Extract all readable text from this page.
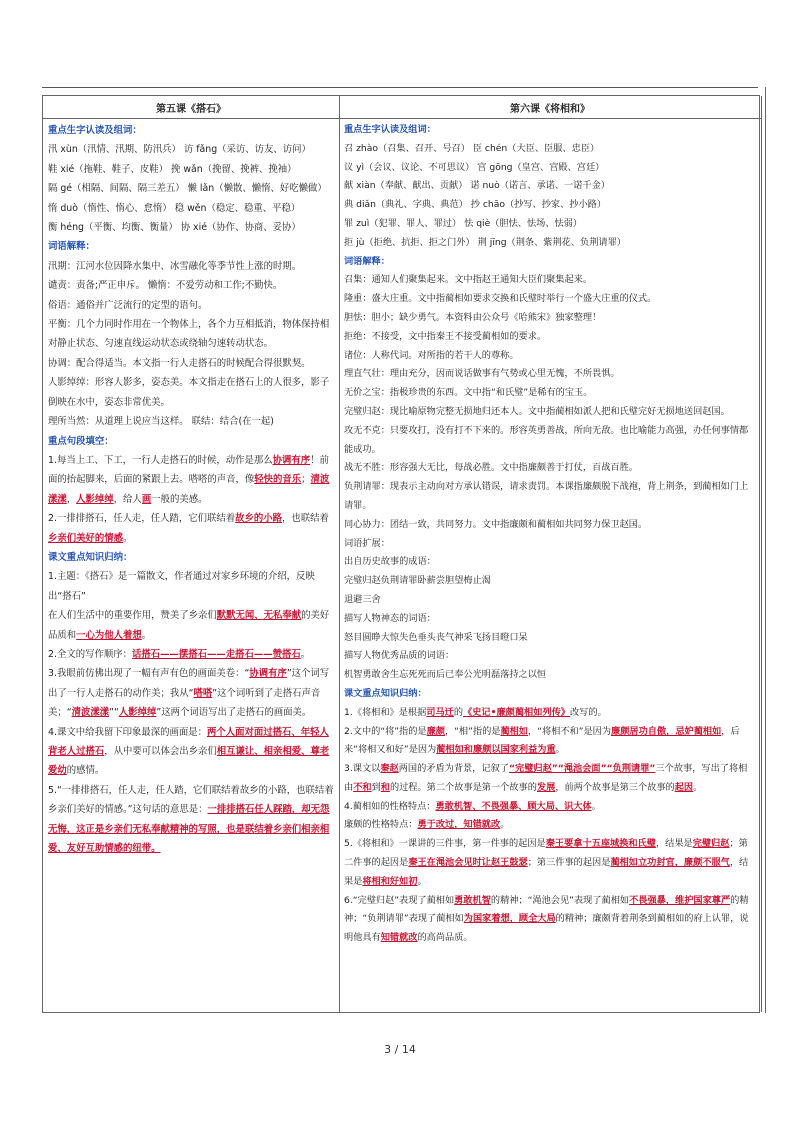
第五课《搭石》

重点生字认读及组词：

汛 xùn（汛情、汛期、防汛兵） 访 fǎng（采访、访友、访问）

鞋 xié（拖鞋、鞋子、皮鞋） 挽 wǎn（挽留、挽裤、挽袖）

隔 gé（相隔、间隔、隔三差五） 懒 lǎn（懒散、懒惰、好吃懒做）

惰 duò（惰性、惰心、怠惰） 稳 wěn（稳定、稳重、平稳）

衡 héng（平衡、均衡、衡量） 协 xié（协作、协商、妥协）

词语解释：

汛期：江河水位因降水集中、冰雪融化等季节性上涨的时期。

谴责：责备;严正申斥。 懒惰：不爱劳动和工作;不勤快。

俗语：通俗并广泛流行的定型的语句。

平衡：几个力同时作用在一个物体上，各个力互相抵消，物体保持相对静止状态、匀速直线运动状态或绕轴匀速转动状态。

协调：配合得适当。本文指一行人走搭石的时候配合得很默契。

人影绰绰：形容人影多，姿态美。本文指走在搭石上的人很多，影子倒映在水中，姿态非常优美。

理所当然：从道理上说应当这样。 联结：结合(在一起)

重点句段填空：

1.每当上工、下工，一行人走搭石的时候，动作是那么协调有序！前面的抬起脚来，后面的紧跟上去。嗒嗒的声音，像轻快的音乐；清波漾漾，人影绰绰，给人画一般的美感。

2.一排排搭石，任人走，任人踏，它们联结着故乡的小路，也联结着乡亲们美好的情感。

课文重点知识归纳：

1.主题：《搭石》是一篇散文，作者通过对家乡环境的介绍，反映出“搭石”

在人们生活中的重要作用，赞美了乡亲们默默无闻、无私奉献的美好品质和一心为他人着想。

2.全文的写作顺序：话搭石——摆搭石——走搭石——赞搭石。

3.我眼前仿佛出现了一幅有声有色的画面美卷：“协调有序”这个词写出了一行人走搭石的动作美；我从“嗒嗒”这个词听到了走搭石声音美；“清波漾漾”“人影绰绰”这两个词语写出了走搭石的画面美。

4.课文中给我留下印象最深的画面是：两个人面对面过搭石、年轻人背老人过搭石，从中要可以体会出乡亲们相互谦让、相亲相爱、尊老爱幼的感情。

5.“一排排搭石，任人走，任人踏，它们联结着故乡的小路，也联结着乡亲们美好的情感。”这句话的意思是：一排排搭石任人踩踏，却无怨无悔，这正是乡亲们无私奉献精神的写照，也是联结着乡亲们相亲相爱、友好互助情感的纽带。

第六课《将相和》

重点生字认读及组词：

召 zhào（召集、召开、号召） 臣 chén（大臣、臣服、忠臣）

议 yì（会议、议论、不可思议） 宫 gōng（皇宫、宫殿、宫廷）

献 xiàn（奉献、献出、贡献） 诺 nuò（诺言、承诺、一诺千金）

典 diǎn（典礼、字典、典范） 抄 chāo（抄写、抄家、抄小路）

罪 zuì（犯罪、罪人、罪过） 怯 qiè（胆怯、怯场、怯弱）

拒 jù（拒绝、抗拒、拒之门外） 荆 jīng（荆条、紫荆花、负荆请罪）

词语解释：

召集：通知人们聚集起来。文中指赵王通知大臣们聚集起来。

隆重：盛大庄重。文中指蔺相如要求交换和氏璧时举行一个盛大庄重的仪式。

胆怯：胆小；缺少勇气。本资料由公众号《哈熊宋》独家整理！

拒绝：不接受，文中指秦王不接受蔺相如的要求。

诸位：人称代词。对所指的若干人的尊称。

理直气壮：理由充分，因而说话做事有气势或心里无愧，不所畏惧。

无价之宝：指极珍贵的东西。文中指“和氏璧”是稀有的宝玉。

完璧归赵：现比喻原物完整无损地归还本人。文中指蔺相如派人把和氏璧完好无损地送回赵国。

攻无不克：只要攻打，没有打不下来的。形容英勇善战，所向无敌。也比喻能力高强，办任何事情都能成功。

战无不胜：形容强大无比，每战必胜。文中指廉颇善于打仗，百战百胜。

负荆请罪：现表示主动向对方承认错误，请求责罚。本课指廉颇脱下战袍，背上荆条，到蔺相如门上请罪。

同心协力：团结一致，共同努力。文中指廉颇和蔺相如共同努力保卫赵国。

词语扩展：

出自历史故事的成语：

完璧归赵负荆请罪卧薪尝胆望梅止渴

退避三舍

描写人物神态的词语：

怒目圆睁大惊失色垂头丧气神采飞扬目瞪口呆

描写人物优秀品质的词语：

机智勇敢舍生忘死死而后已奉公光明磊落持之以恒

课文重点知识归纳：

1.《将相和》是根据司马迁的《史记•廉颇蔺相如列传》改写的。

2.文中的“将”指的是廉颇，“相”指的是蔺相如，“将相不和”是因为廉颇居功自傲，忌妒蔺相如，后来“将相又和好”是因为蔺相如和廉颇以国家利益为重。

3.课文以秦赵两国的矛盾为背景，记叙了“完璧归赵”“渑池会面”“负荆请罪”三个故事，写出了将相由不和到和的过程。第二个故事是第一个故事的发展，前两个故事是第三个故事的起因。

4.蔺相如的性格特点：勇敢机智、不畏强暴、顾大局、识大体。

廉颇的性格特点：勇于改过，知错就改。

5.《将相和》一课讲的三件事，第一件事的起因是秦王要拿十五座城换和氏璧，结果是完璧归赵；第二件事的起因是秦王在渑池会见时让赵王鼓瑟；第三件事的起因是蔺相如立功封官，廉颇不服气，结果是将相和好如初。

6.“完璧归赵”表现了蔺相如勇敢机智的精神；“渑池会见”表现了蔺相如不畏强暴，维护国家尊严的精神；“负荆请罪”表现了蔺相如为国家着想，顾全大局的精神；廉颇背着荆条到蔺相如的府上认罪，说明他具有知错就改的高尚品质。

3 / 14
